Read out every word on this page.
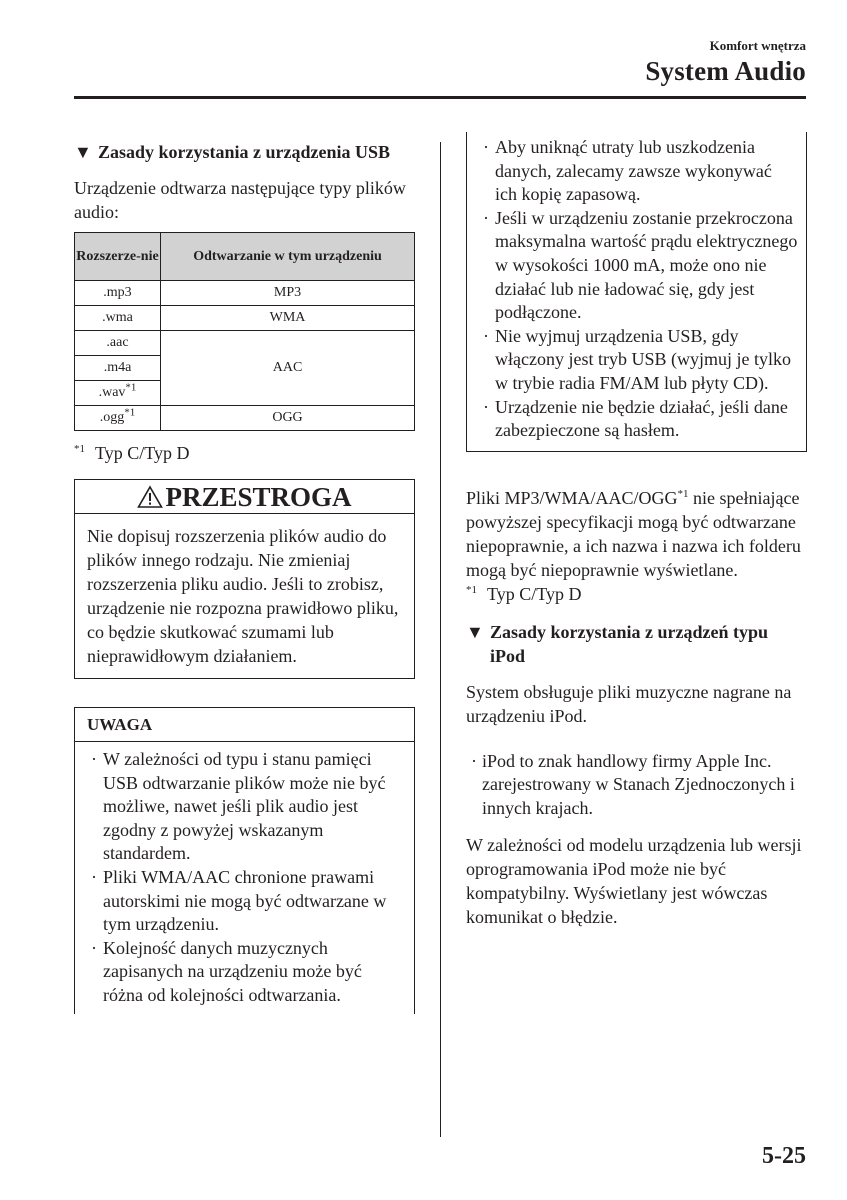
Komfort wnętrza
System Audio
▼ Zasady korzystania z urządzenia USB

Urządzenie odtwarza następujące typy plików audio:

Rozszerze-nie	Odtwarzanie w tym urządzeniu
.mp3	MP3
.wma	WMA
.aac	AAC
.m4a	
.wav$^{*1}$
.ogg$^{*1}$	OGG

$^{*1}$ Typ C/Typ D

PRZESTROGA
Nie dopisuj rozszerzenia plików audio do plików innego rodzaju. Nie zmieniaj rozszerzenia pliku audio. Jeśli to zrobisz, urządzenie nie rozpozna prawidłowo pliku, co będzie skutkować szumami lub nieprawidłowym działaniem.
UWAGA
· W zależności od typu i stanu pamięci USB odtwarzanie plików może nie być możliwe, nawet jeśli plik audio jest zgodny z powyżej wskazanym standardem.
· Pliki WMA/AAC chronione prawami autorskimi nie mogą być odtwarzane w tym urządzeniu.
· Kolejność danych muzycznych zapisanych na urządzeniu może być różna od kolejności odtwarzania.
· Aby uniknąć utraty lub uszkodzenia danych, zalecamy zawsze wykonywać ich kopię zapasową.
· Jeśli w urządzeniu zostanie przekroczona maksymalna wartość prądu elektrycznego w wysokości 1000 mA, może ono nie działać lub nie ładować się, gdy jest podłączone.
· Nie wyjmuj urządzenia USB, gdy włączony jest tryb USB (wyjmuj je tylko w trybie radia FM/AM lub płyty CD).
· Urządzenie nie będzie działać, jeśli dane zabezpieczone są hasłem.

Pliki MP3/WMA/AAC/OGG$^{*1}$ nie spełniające powyższej specyfikacji mogą być odtwarzane niepoprawnie, a ich nazwa i nazwa ich folderu mogą być niepoprawnie wyświetlane.

$^{*1}$ Typ C/Typ D

▼ Zasady korzystania z urządzeń typu iPod

System obsługuje pliki muzyczne nagrane na urządzeniu iPod.

· iPod to znak handlowy firmy Apple Inc. zarejestrowany w Stanach Zjednoczonych i innych krajach.

W zależności od modelu urządzenia lub wersji oprogramowania iPod może nie być kompatybilny. Wyświetlany jest wówczas komunikat o błędzie.

5-25
